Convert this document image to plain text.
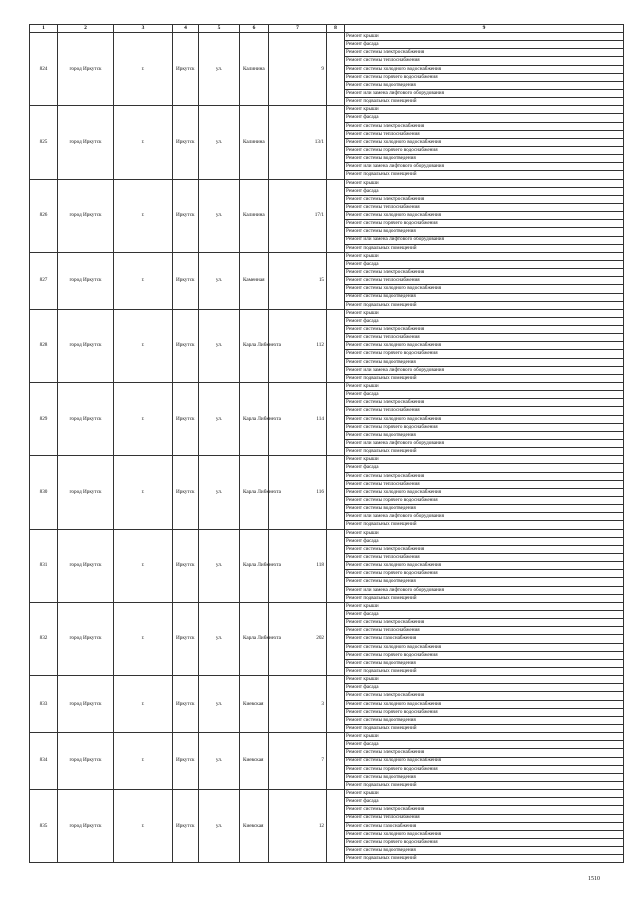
1	2	3	4	5	6	7	8	9
824	город Иркутск	г.	Иркутск	ул.	Калинина	9		Ремонт крыши
								Ремонт фасада
								Ремонт системы электроснабжения
								Ремонт системы теплоснабжения
								Ремонт системы холодного водоснабжения
								Ремонт системы горячего водоснабжения
								Ремонт системы водоотведения
								Ремонт или замена лифтового оборудования
								Ремонт подвальных помещений
825	город Иркутск	г.	Иркутск	ул.	Калинина	13/1		Ремонт крыши
								Ремонт фасада
								Ремонт системы электроснабжения
								Ремонт системы теплоснабжения
								Ремонт системы холодного водоснабжения
								Ремонт системы горячего водоснабжения
								Ремонт системы водоотведения
								Ремонт или замена лифтового оборудования
								Ремонт подвальных помещений
826	город Иркутск	г.	Иркутск	ул.	Калинина	17/1		Ремонт крыши
								Ремонт фасада
								Ремонт системы электроснабжения
								Ремонт системы теплоснабжения
								Ремонт системы холодного водоснабжения
								Ремонт системы горячего водоснабжения
								Ремонт системы водоотведения
								Ремонт или замена лифтового оборудования
								Ремонт подвальных помещений
827	город Иркутск	г.	Иркутск	ул.	Каменная	15		Ремонт крыши
								Ремонт фасада
								Ремонт системы электроснабжения
								Ремонт системы теплоснабжения
								Ремонт системы холодного водоснабжения
								Ремонт системы водоотведения
								Ремонт подвальных помещений
828	город Иркутск	г.	Иркутск	ул.	Карла Либкнехта	112		Ремонт крыши
								Ремонт фасада
								Ремонт системы электроснабжения
								Ремонт системы теплоснабжения
								Ремонт системы холодного водоснабжения
								Ремонт системы горячего водоснабжения
								Ремонт системы водоотведения
								Ремонт или замена лифтового оборудования
								Ремонт подвальных помещений
829	город Иркутск	г.	Иркутск	ул.	Карла Либкнехта	114		Ремонт крыши
								Ремонт фасада
								Ремонт системы электроснабжения
								Ремонт системы теплоснабжения
								Ремонт системы холодного водоснабжения
								Ремонт системы горячего водоснабжения
								Ремонт системы водоотведения
								Ремонт или замена лифтового оборудования
								Ремонт подвальных помещений
830	город Иркутск	г.	Иркутск	ул.	Карла Либкнехта	116		Ремонт крыши
								Ремонт фасада
								Ремонт системы электроснабжения
								Ремонт системы теплоснабжения
								Ремонт системы холодного водоснабжения
								Ремонт системы горячего водоснабжения
								Ремонт системы водоотведения
								Ремонт или замена лифтового оборудования
								Ремонт подвальных помещений
831	город Иркутск	г.	Иркутск	ул.	Карла Либкнехта	118		Ремонт крыши
								Ремонт фасада
								Ремонт системы электроснабжения
								Ремонт системы теплоснабжения
								Ремонт системы холодного водоснабжения
								Ремонт системы горячего водоснабжения
								Ремонт системы водоотведения
								Ремонт или замена лифтового оборудования
								Ремонт подвальных помещений
832	город Иркутск	г.	Иркутск	ул.	Карла Либкнехта	202		Ремонт крыши
								Ремонт фасада
								Ремонт системы электроснабжения
								Ремонт системы теплоснабжения
								Ремонт системы газоснабжения
								Ремонт системы холодного водоснабжения
								Ремонт системы горячего водоснабжения
								Ремонт системы водоотведения
								Ремонт подвальных помещений
833	город Иркутск	г.	Иркутск	ул.	Киевская	3		Ремонт крыши
								Ремонт фасада
								Ремонт системы электроснабжения
								Ремонт системы холодного водоснабжения
								Ремонт системы горячего водоснабжения
								Ремонт системы водоотведения
								Ремонт подвальных помещений
834	город Иркутск	г.	Иркутск	ул.	Киевская	7		Ремонт крыши
								Ремонт фасада
								Ремонт системы электроснабжения
								Ремонт системы холодного водоснабжения
								Ремонт системы горячего водоснабжения
								Ремонт системы водоотведения
								Ремонт подвальных помещений
835	город Иркутск	г.	Иркутск	ул.	Киевская	12		Ремонт крыши
								Ремонт фасада
								Ремонт системы электроснабжения
								Ремонт системы теплоснабжения
								Ремонт системы газоснабжения
								Ремонт системы холодного водоснабжения
								Ремонт системы горячего водоснабжения
								Ремонт системы водоотведения
								Ремонт подвальных помещений
1510
